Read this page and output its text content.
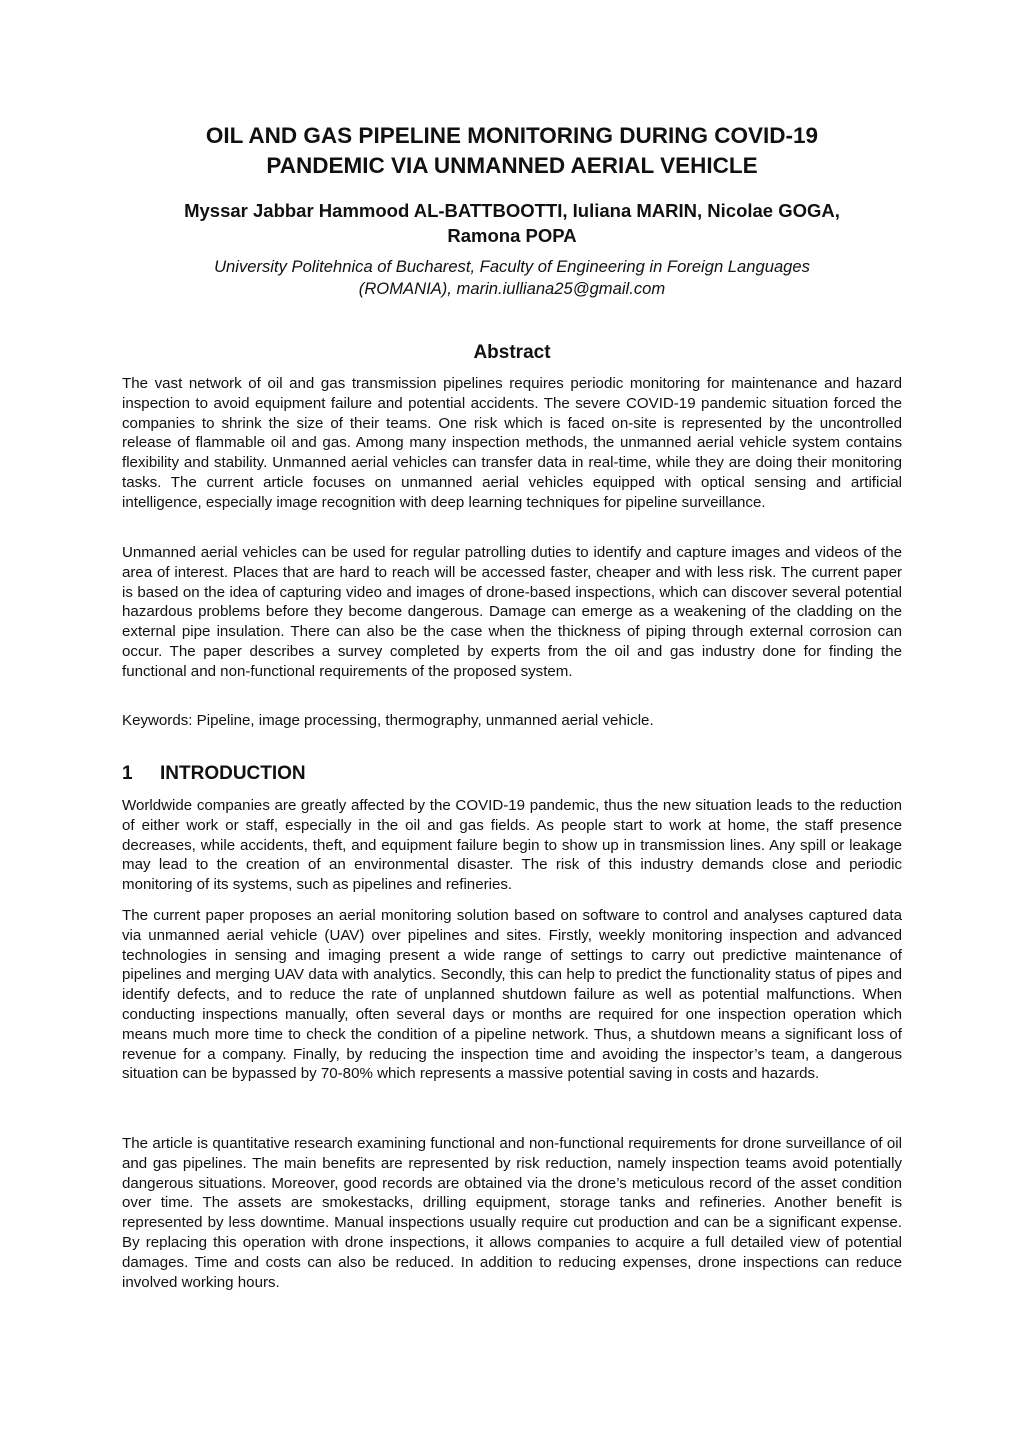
OIL AND GAS PIPELINE MONITORING DURING COVID-19
PANDEMIC VIA UNMANNED AERIAL VEHICLE

Myssar Jabbar Hammood AL-BATTBOOTTI, Iuliana MARIN, Nicolae GOGA,
Ramona POPA

University Politehnica of Bucharest, Faculty of Engineering in Foreign Languages
(ROMANIA), marin.iulliana25@gmail.com

Abstract

The vast network of oil and gas transmission pipelines requires periodic monitoring for maintenance and hazard inspection to avoid equipment failure and potential accidents. The severe COVID-19 pandemic situation forced the companies to shrink the size of their teams. One risk which is faced on-site is represented by the uncontrolled release of flammable oil and gas. Among many inspection methods, the unmanned aerial vehicle system contains flexibility and stability. Unmanned aerial vehicles can transfer data in real-time, while they are doing their monitoring tasks. The current article focuses on unmanned aerial vehicles equipped with optical sensing and artificial intelligence, especially image recognition with deep learning techniques for pipeline surveillance.

Unmanned aerial vehicles can be used for regular patrolling duties to identify and capture images and videos of the area of interest. Places that are hard to reach will be accessed faster, cheaper and with less risk. The current paper is based on the idea of capturing video and images of drone-based inspections, which can discover several potential hazardous problems before they become dangerous. Damage can emerge as a weakening of the cladding on the external pipe insulation. There can also be the case when the thickness of piping through external corrosion can occur. The paper describes a survey completed by experts from the oil and gas industry done for finding the functional and non-functional requirements of the proposed system.

Keywords: Pipeline, image processing, thermography, unmanned aerial vehicle.

1 INTRODUCTION

Worldwide companies are greatly affected by the COVID-19 pandemic, thus the new situation leads to the reduction of either work or staff, especially in the oil and gas fields. As people start to work at home, the staff presence decreases, while accidents, theft, and equipment failure begin to show up in transmission lines. Any spill or leakage may lead to the creation of an environmental disaster. The risk of this industry demands close and periodic monitoring of its systems, such as pipelines and refineries.

The current paper proposes an aerial monitoring solution based on software to control and analyses captured data via unmanned aerial vehicle (UAV) over pipelines and sites. Firstly, weekly monitoring inspection and advanced technologies in sensing and imaging present a wide range of settings to carry out predictive maintenance of pipelines and merging UAV data with analytics. Secondly, this can help to predict the functionality status of pipes and identify defects, and to reduce the rate of unplanned shutdown failure as well as potential malfunctions. When conducting inspections manually, often several days or months are required for one inspection operation which means much more time to check the condition of a pipeline network. Thus, a shutdown means a significant loss of revenue for a company. Finally, by reducing the inspection time and avoiding the inspector’s team, a dangerous situation can be bypassed by 70-80% which represents a massive potential saving in costs and hazards.

The article is quantitative research examining functional and non-functional requirements for drone surveillance of oil and gas pipelines. The main benefits are represented by risk reduction, namely inspection teams avoid potentially dangerous situations. Moreover, good records are obtained via the drone’s meticulous record of the asset condition over time. The assets are smokestacks, drilling equipment, storage tanks and refineries. Another benefit is represented by less downtime. Manual inspections usually require cut production and can be a significant expense. By replacing this operation with drone inspections, it allows companies to acquire a full detailed view of potential damages. Time and costs can also be reduced. In addition to reducing expenses, drone inspections can reduce involved working hours.
